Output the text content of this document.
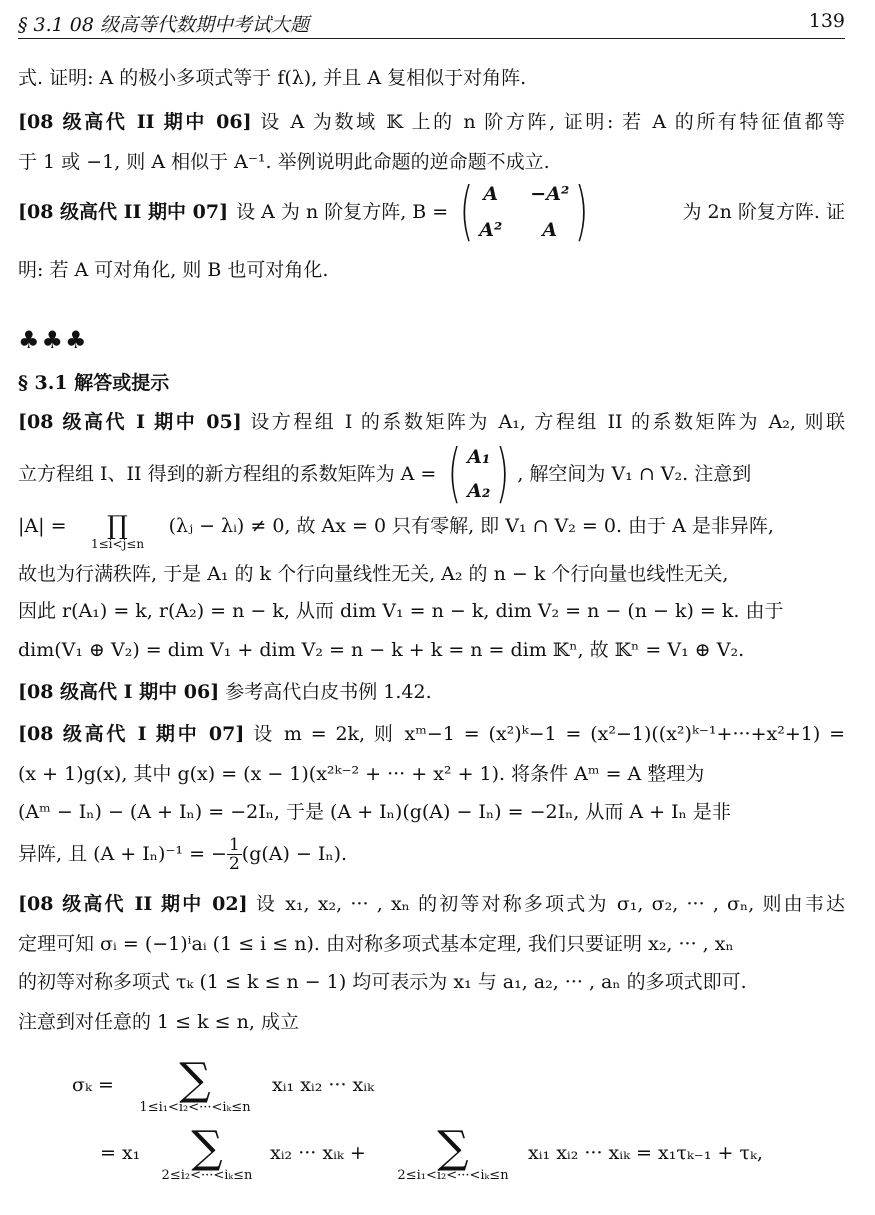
§ 3.1 08 级高等代数期中考试大题	139
式. 证明: A 的极小多项式等于 f(λ), 并且 A 复相似于对角阵.
[08 级高代 II 期中 06] 设 A 为数域 𝕂 上的 n 阶方阵, 证明: 若 A 的所有特征值都等
于 1 或 −1, 则 A 相似于 A⁻¹. 举例说明此命题的逆命题不成立.
[08 级高代 II 期中 07] 设 A 为 n 阶复方阵, B = ( A −A²
A²	A )	为 2n 阶复方阵. 证
明: 若 A 可对角化, 则 B 也可对角化.
♣♣♣
§ 3.1 解答或提示
[08 级高代 I 期中 05] 设方程组 I 的系数矩阵为 A₁, 方程组 II 的系数矩阵为 A₂, 则联
立方程组 I、II 得到的新方程组的系数矩阵为 A = ( A₁
A₂ ) , 解空间为 V₁ ∩ V₂. 注意到
|A| =	∏
1≤i<j≤n
(λⱼ − λᵢ) ≠ 0, 故 Ax = 0 只有零解, 即 V₁ ∩ V₂ = 0. 由于 A 是非异阵,
故也为行满秩阵, 于是 A₁ 的 k 个行向量线性无关, A₂ 的 n − k 个行向量也线性无关,
因此 r(A₁) = k, r(A₂) = n − k, 从而 dim V₁ = n − k, dim V₂ = n − (n − k) = k. 由于
dim(V₁ ⊕ V₂) = dim V₁ + dim V₂ = n − k + k = n = dim 𝕂ⁿ, 故 𝕂ⁿ = V₁ ⊕ V₂.
[08 级高代 I 期中 06] 参考高代白皮书例 1.42.
[08 级高代 I 期中 07] 设 m = 2k, 则 xᵐ−1 = (x²)ᵏ−1 = (x²−1)((x²)ᵏ⁻¹+···+x²+1) =
(x + 1)g(x), 其中 g(x) = (x − 1)(x²ᵏ⁻² + ··· + x² + 1). 将条件 Aᵐ = A 整理为
(Aᵐ − Iₙ) − (A + Iₙ) = −2Iₙ, 于是 (A + Iₙ)(g(A) − Iₙ) = −2Iₙ, 从而 A + Iₙ 是非
异阵, 且 (A + Iₙ)⁻¹ = − $\frac{1}{2} (g(A) - I_n)$.
[08 级高代 II 期中 02] 设 x₁, x₂, ··· , xₙ 的初等对称多项式为 σ₁, σ₂, ··· , σₙ, 则由韦达
定理可知 σᵢ = (−1)ⁱaᵢ (1 ≤ i ≤ n). 由对称多项式基本定理, 我们只要证明 x₂, ··· , xₙ
的初等对称多项式 τₖ (1 ≤ k ≤ n − 1) 均可表示为 x₁ 与 a₁, a₂, ··· , aₙ 的多项式即可.
注意到对任意的 1 ≤ k ≤ n, 成立
σₖ =	∑
1≤i₁<i₂<···<iₖ≤n
xᵢ₁ xᵢ₂ ··· xᵢₖ
= x₁	∑
2≤i₂<···<iₖ≤n
xᵢ₂ ··· xᵢₖ +	∑
2≤i₁<i₂<···<iₖ≤n
xᵢ₁ xᵢ₂ ··· xᵢₖ = x₁τₖ₋₁ + τₖ,
